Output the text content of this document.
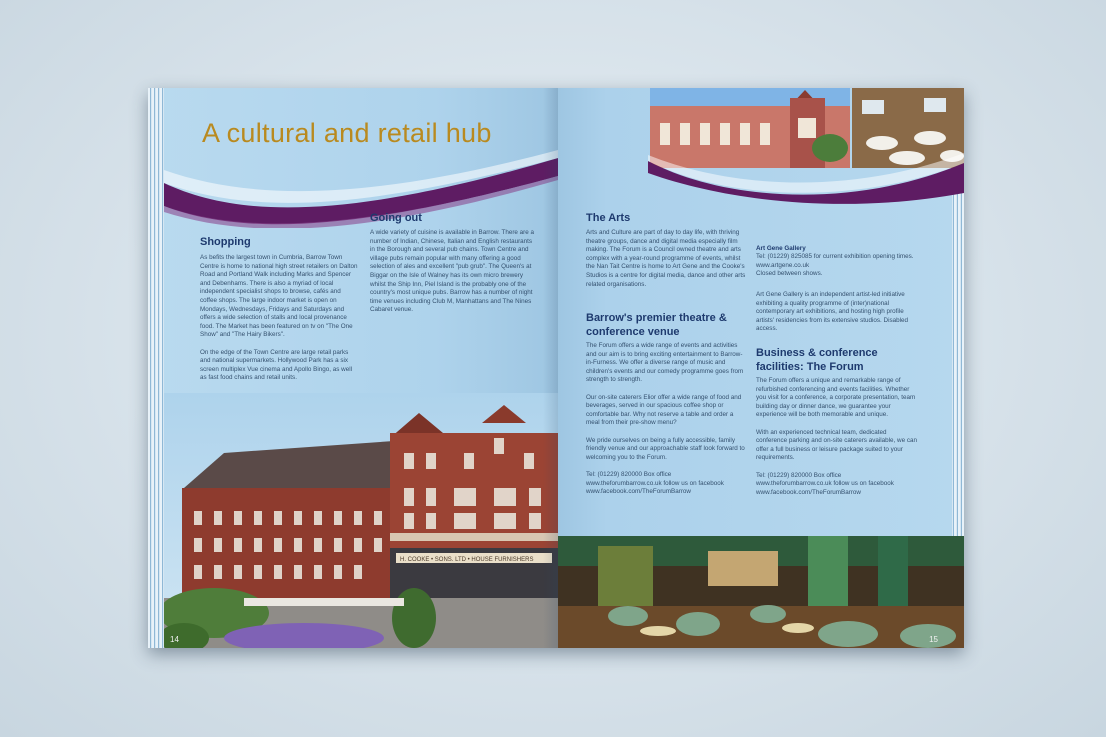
A cultural and retail hub
Shopping
As befits the largest town in Cumbria, Barrow Town Centre is home to national high street retailers on Dalton Road and Portland Walk including Marks and Spencer and Debenhams. There is also a myriad of local independent specialist shops to browse, cafés and coffee shops. The large indoor market is open on Mondays, Wednesdays, Fridays and Saturdays and offers a wide selection of stalls and local provenance food. The Market has been featured on tv on "The One Show" and "The Hairy Bikers".

On the edge of the Town Centre are large retail parks and national supermarkets. Hollywood Park has a six screen multiplex Vue cinema and Apollo Bingo, as well as fast food chains and retail units.
Going out
A wide variety of cuisine is available in Barrow. There are a number of Indian, Chinese, Italian and English restaurants in the Borough and several pub chains. Town Centre and village pubs remain popular with many offering a good selection of ales and excellent "pub grub". The Queen's at Biggar on the Isle of Walney has its own micro brewery whilst the Ship Inn, Piel Island is the probably one of the country's most unique pubs. Barrow has a number of night time venues including Club M, Manhattans and The Nines Cabaret venue.
H. COOKE • SONS. LTD • HOUSE FURNISHERS
14
The Arts
Arts and Culture are part of day to day life, with thriving theatre groups, dance and digital media especially film making. The Forum is a Council owned theatre and arts complex with a year-round programme of events, whilst the Nan Tait Centre is home to Art Gene and the Cooke's Studios is a centre for digital media, dance and other arts related organisations.
Barrow's premier theatre & conference venue
The Forum offers a wide range of events and activities and our aim is to bring exciting entertainment to Barrow-in-Furness. We offer a diverse range of music and children's events and our comedy programme goes from strength to strength.

Our on-site caterers Elior offer a wide range of food and beverages, served in our spacious coffee shop or comfortable bar. Why not reserve a table and order a meal from their pre-show menu?

We pride ourselves on being a fully accessible, family friendly venue and our approachable staff look forward to welcoming you to the Forum.

Tel: (01229) 820000 Box office
www.theforumbarrow.co.uk follow us on facebook www.facebook.com/TheForumBarrow

Art Gene Gallery
Tel: (01229) 825085 for current exhibition opening times.
www.artgene.co.uk
Closed between shows.

Art Gene Gallery is an independent artist-led initiative exhibiting a quality programme of (inter)national contemporary art exhibitions, and hosting high profile artists' residencies from its extensive studios. Disabled access.
Business & conference facilities: The Forum
The Forum offers a unique and remarkable range of refurbished conferencing and events facilities. Whether you visit for a conference, a corporate presentation, team building day or dinner dance, we guarantee your experience will be both memorable and unique.

With an experienced technical team, dedicated conference parking and on-site caterers available, we can offer a full business or leisure package suited to your requirements.

Tel: (01229) 820000 Box office
www.theforumbarrow.co.uk follow us on facebook www.facebook.com/TheForumBarrow
15
